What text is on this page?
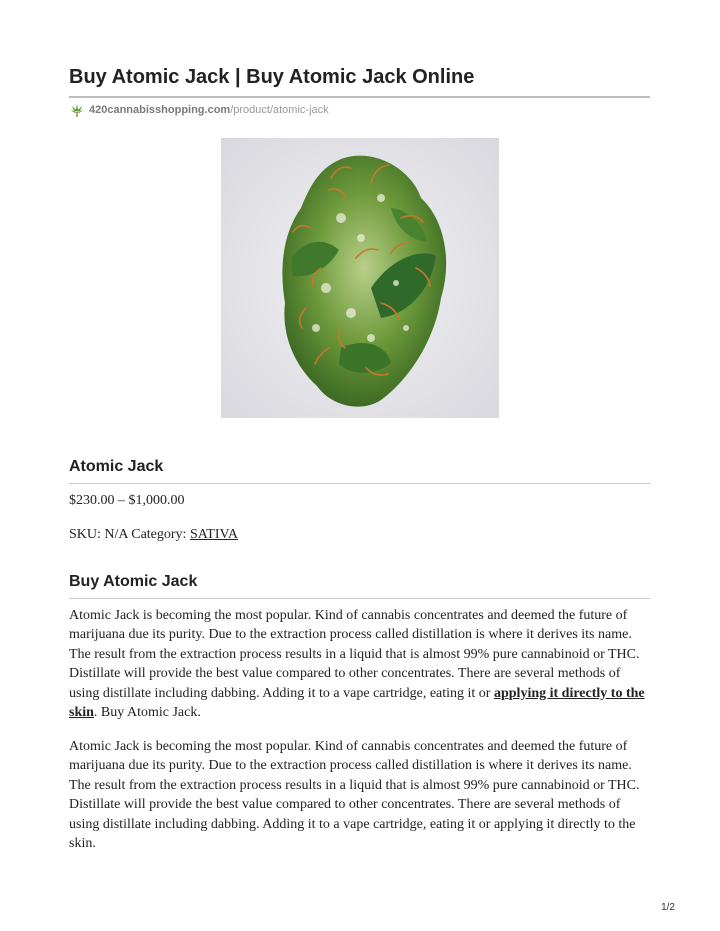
Buy Atomic Jack | Buy Atomic Jack Online
420cannabisshopping.com /product/atomic-jack
Atomic Jack
$230.00 – $1,000.00
SKU: N/A Category: SATIVA
Buy Atomic Jack

Atomic Jack is becoming the most popular. Kind of cannabis concentrates and deemed the future of marijuana due its purity. Due to the extraction process called distillation is where it derives its name. The result from the extraction process results in a liquid that is almost 99% pure cannabinoid or THC. Distillate will provide the best value compared to other concentrates. There are several methods of using distillate including dabbing. Adding it to a vape cartridge, eating it or applying it directly to the skin. Buy Atomic Jack.

Atomic Jack is becoming the most popular. Kind of cannabis concentrates and deemed the future of marijuana due its purity. Due to the extraction process called distillation is where it derives its name. The result from the extraction process results in a liquid that is almost 99% pure cannabinoid or THC. Distillate will provide the best value compared to other concentrates. There are several methods of using distillate including dabbing. Adding it to a vape cartridge, eating it or applying it directly to the skin.

1/2
